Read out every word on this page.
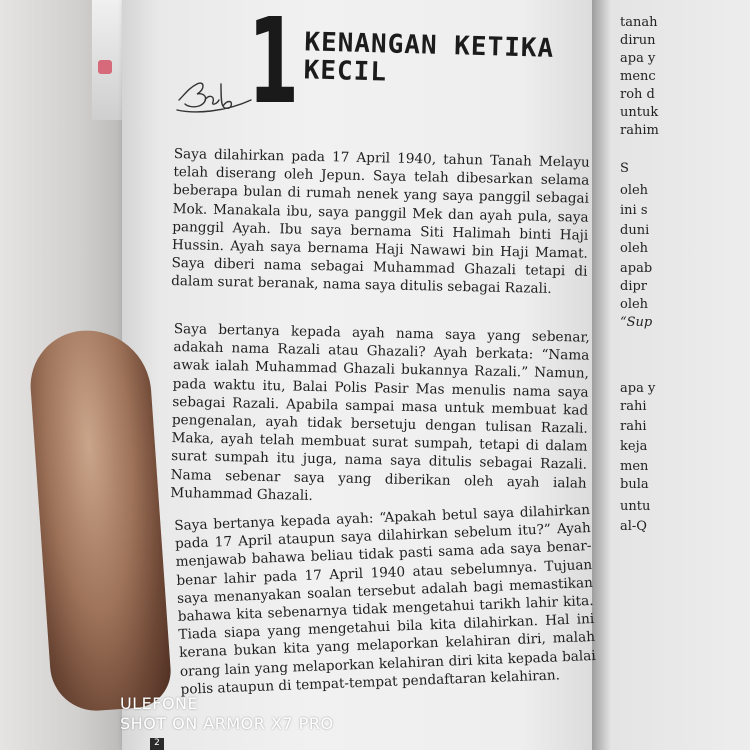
1 KENANGAN KETIKA
KECIL
Saya dilahirkan pada 17 April 1940, tahun Tanah Melayu telah diserang oleh Jepun. Saya telah dibesarkan selama beberapa bulan di rumah nenek yang saya panggil sebagai Mok. Manakala ibu, saya panggil Mek dan ayah pula, saya panggil Ayah. Ibu saya bernama Siti Halimah binti Haji Hussin. Ayah saya bernama Haji Nawawi bin Haji Mamat. Saya diberi nama sebagai Muhammad Ghazali tetapi di dalam surat beranak, nama saya ditulis sebagai Razali.
Saya bertanya kepada ayah nama saya yang sebenar, adakah nama Razali atau Ghazali? Ayah berkata: “Nama awak ialah Muhammad Ghazali bukannya Razali.” Namun, pada waktu itu, Balai Polis Pasir Mas menulis nama saya sebagai Razali. Apabila sampai masa untuk membuat kad pengenalan, ayah tidak bersetuju dengan tulisan Razali. Maka, ayah telah membuat surat sumpah, tetapi di dalam surat sumpah itu juga, nama saya ditulis sebagai Razali. Nama sebenar saya yang diberikan oleh ayah ialah Muhammad Ghazali.
Saya bertanya kepada ayah: “Apakah betul saya dilahirkan pada 17 April ataupun saya dilahirkan sebelum itu?” Ayah menjawab bahawa beliau tidak pasti sama ada saya benar-benar lahir pada 17 April 1940 atau sebelumnya. Tujuan saya menanyakan soalan tersebut adalah bagi memastikan bahawa kita sebenarnya tidak mengetahui tarikh lahir kita. Tiada siapa yang mengetahui bila kita dilahirkan. Hal ini kerana bukan kita yang melaporkan kelahiran diri, malah orang lain yang melaporkan kelahiran diri kita kepada balai polis ataupun di tempat-tempat pendaftaran kelahiran.
tanah
dirun
apa y
menc
roh d
untuk
rahim
S
oleh
ini s
duni
oleh
apab
dipr
oleh
“Sup
apa y
rahi
rahi
keja
men
bula
untu
al-Q
ULEFONE
SHOT ON ARMOR X7 PRO
2
